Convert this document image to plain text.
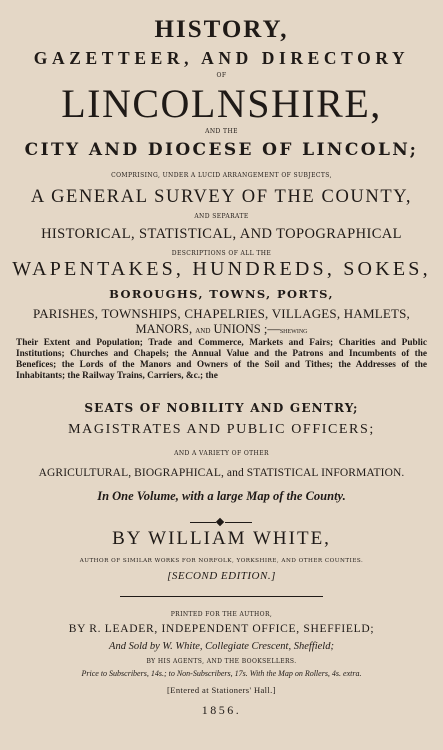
HISTORY,
GAZETTEER, AND DIRECTORY
OF
LINCOLNSHIRE,
AND THE
CITY AND DIOCESE OF LINCOLN;
COMPRISING, UNDER A LUCID ARRANGEMENT OF SUBJECTS,
A GENERAL SURVEY OF THE COUNTY,
AND SEPARATE
HISTORICAL, STATISTICAL, AND TOPOGRAPHICAL
DESCRIPTIONS OF ALL THE
WAPENTAKES, HUNDREDS, SOKES,
BOROUGHS, TOWNS, PORTS,
PARISHES, TOWNSHIPS, CHAPELRIES, VILLAGES, HAMLETS,
MANORS, AND UNIONS ;—SHEWING
Their Extent and Population; Trade and Commerce, Markets and Fairs; Charities and Public Institutions; Churches and Chapels; the Annual Value and the Patrons and Incumbents of the Benefices; the Lords of the Manors and Owners of the Soil and Tithes; the Addresses of the Inhabitants; the Railway Trains, Carriers, &c.; the
SEATS OF NOBILITY AND GENTRY;
MAGISTRATES AND PUBLIC OFFICERS;
AND A VARIETY OF OTHER
AGRICULTURAL, BIOGRAPHICAL, and STATISTICAL INFORMATION.
In One Volume, with a large Map of the County.
BY WILLIAM WHITE,
AUTHOR OF SIMILAR WORKS FOR NORFOLK, YORKSHIRE, AND OTHER COUNTIES.
[SECOND EDITION.]
PRINTED FOR THE AUTHOR,
BY R. LEADER, INDEPENDENT OFFICE, SHEFFIELD;
And Sold by W. White, Collegiate Crescent, Sheffield;
BY HIS AGENTS, AND THE BOOKSELLERS.
Price to Subscribers, 14s.; to Non-Subscribers, 17s. With the Map on Rollers, 4s. extra.
[Entered at Stationers' Hall.]
1856.
